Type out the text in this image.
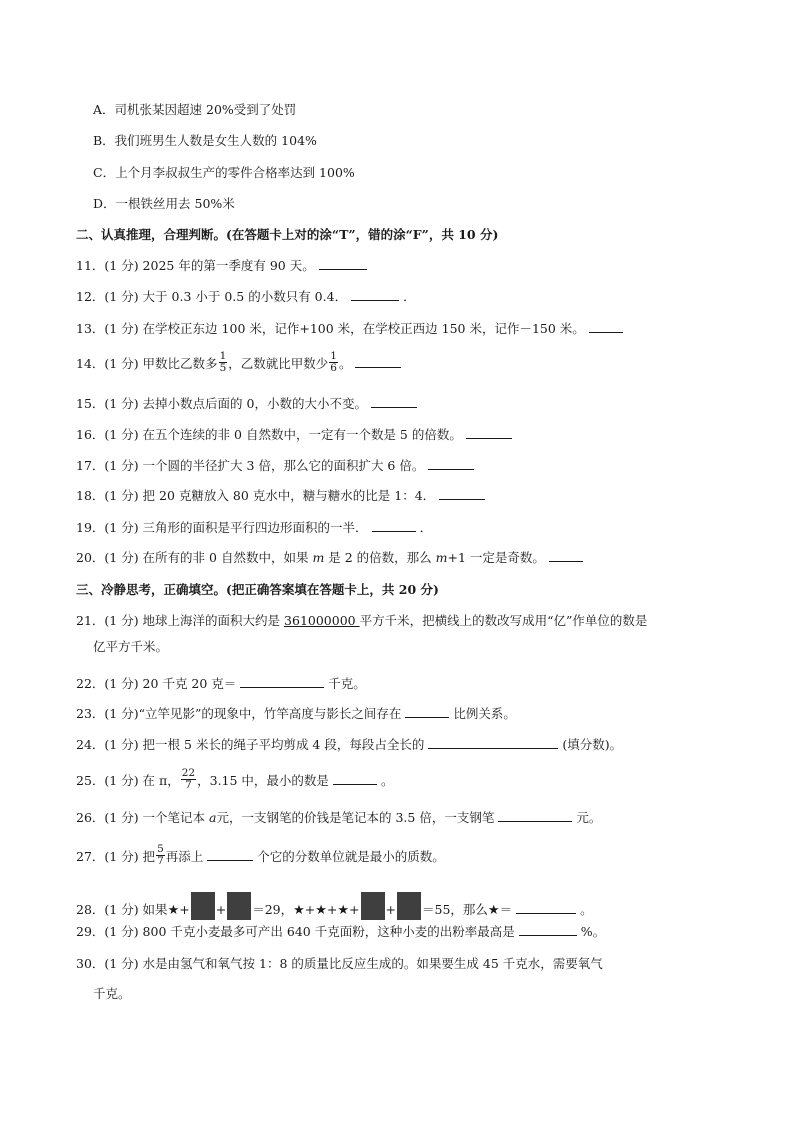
A．司机张某因超速 20%受到了处罚
B．我们班男生人数是女生人数的 104%
C．上个月李叔叔生产的零件合格率达到 100%
D．一根铁丝用去 50%米
二、认真推理，合理判断。(在答题卡上对的涂“T”，错的涂“F”，共 10 分)
11．(1 分) 2025 年的第一季度有 90 天。
12．(1 分) 大于 0.3 小于 0.5 的小数只有 0.4．	．
13．(1 分) 在学校正东边 100 米，记作+100 米，在学校正西边 150 米，记作－150 米。
14．(1 分) 甲数比乙数多 $\frac{1}{5}$ ，乙数就比甲数少 $\frac{1}{6}$ 。
15．(1 分) 去掉小数点后面的 0，小数的大小不变。
16．(1 分) 在五个连续的非 0 自然数中，一定有一个数是 5 的倍数。
17．(1 分) 一个圆的半径扩大 3 倍，那么它的面积扩大 6 倍。
18．(1 分) 把 20 克糖放入 80 克水中，糖与糖水的比是 1：4．
19．(1 分) 三角形的面积是平行四边形面积的一半．	．
20．(1 分) 在所有的非 0 自然数中，如果 m 是 2 的倍数，那么 m+1 一定是奇数。
三、冷静思考，正确填空。(把正确答案填在答题卡上，共 20 分)
21．(1 分) 地球上海洋的面积大约是 361000000 平方千米，把横线上的数改写成用“亿”作单位的数是
亿平方千米。
22．(1 分) 20 千克 20 克＝	千克。
23．(1 分)“立竿见影”的现象中，竹竿高度与影长之间存在	比例关系。
24．(1 分) 把一根 5 米长的绳子平均剪成 4 段，每段占全长的	(填分数)。
25．(1 分) 在 π， $\frac{22}{7}$ ，3.15 中，最小的数是	。
26．(1 分) 一个笔记本 a元，一支钢笔的价钱是笔记本的 3.5 倍，一支钢笔	元。
27．(1 分) 把 $\frac{5}{7}$ 再添上	个它的分数单位就是最小的质数。
28．(1 分) 如果★+ + ＝29，★+★+★+ + ＝55，那么★＝	。
29．(1 分) 800 千克小麦最多可产出 640 千克面粉，这种小麦的出粉率最高是	%。
30．(1 分) 水是由氢气和氧气按 1：8 的质量比反应生成的。如果要生成 45 千克水，需要氧气
千克。
